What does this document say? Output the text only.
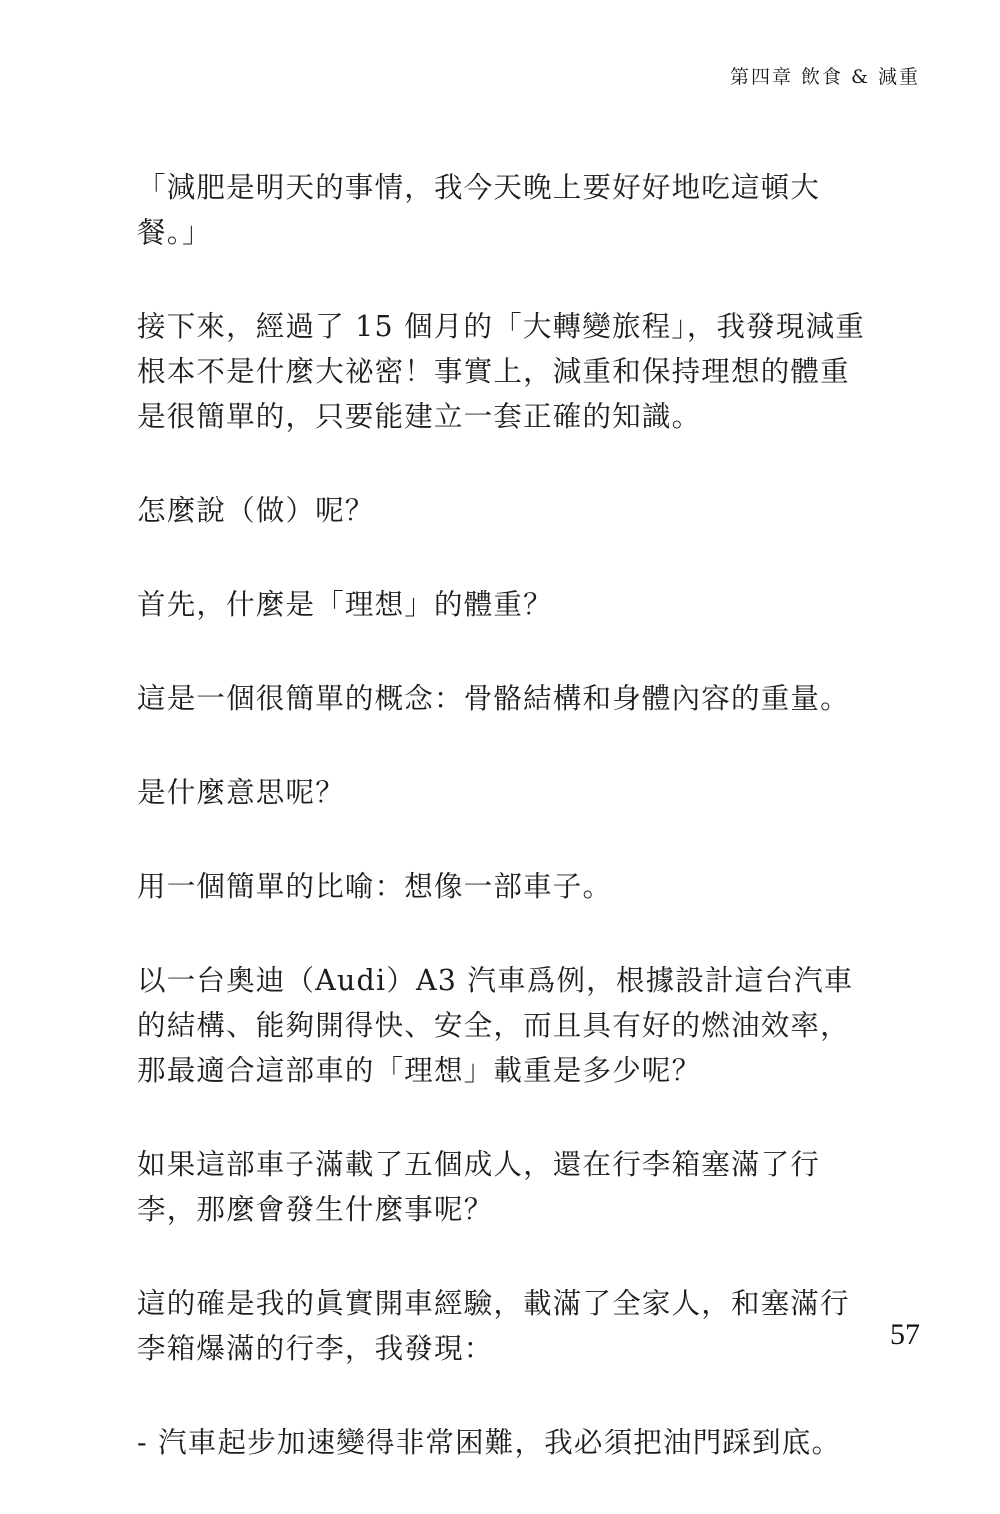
第四章 飲食 & 減重

「減肥是明天的事情，我今天晚上要好好地吃這頓大餐。」

接下來，經過了 15 個月的「大轉變旅程」，我發現減重根本不是什麼大祕密！事實上，減重和保持理想的體重是很簡單的，只要能建立一套正確的知識。

怎麼說（做）呢？

首先，什麼是「理想」的體重？

這是一個很簡單的概念：骨骼結構和身體內容的重量。

是什麼意思呢？

用一個簡單的比喻：想像一部車子。

以一台奧迪（Audi）A3 汽車爲例，根據設計這台汽車的結構、能夠開得快、安全，而且具有好的燃油效率，那最適合這部車的「理想」載重是多少呢？

如果這部車子滿載了五個成人，還在行李箱塞滿了行李，那麼會發生什麼事呢？

這的確是我的眞實開車經驗，載滿了全家人，和塞滿行李箱爆滿的行李，我發現：

- 汽車起步加速變得非常困難，我必須把油門踩到底。

57
